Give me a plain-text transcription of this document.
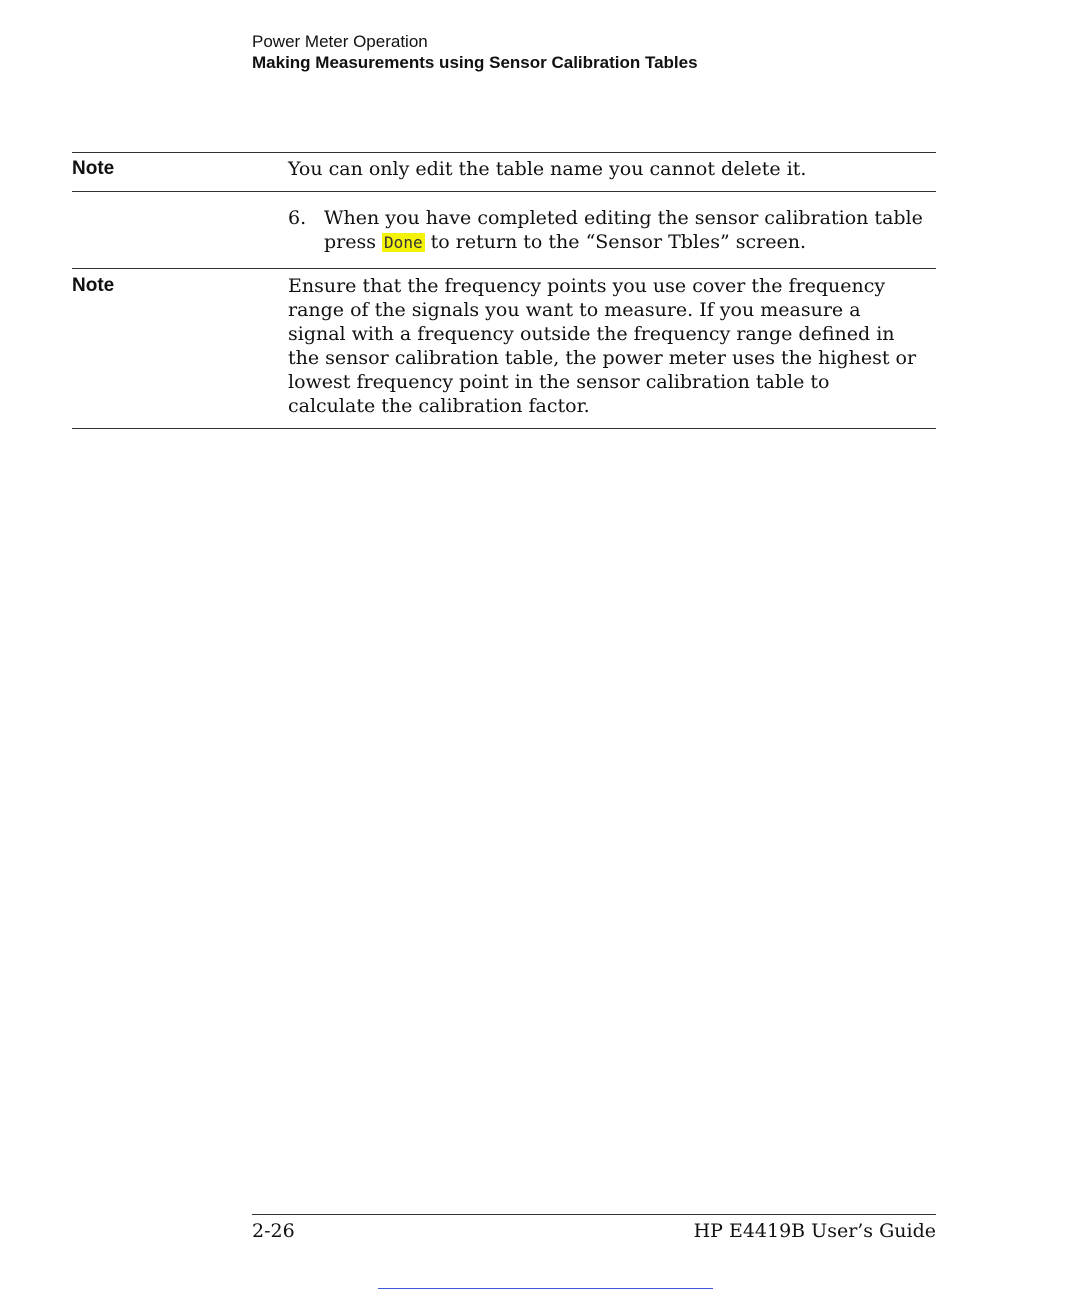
Power Meter Operation
Making Measurements using Sensor Calibration Tables
Note	You can only edit the table name you cannot delete it.
6. When you have completed editing the sensor calibration table press Done to return to the “Sensor Tbles” screen.
Note	Ensure that the frequency points you use cover the frequency range of the signals you want to measure. If you measure a signal with a frequency outside the frequency range defined in the sensor calibration table, the power meter uses the highest or lowest frequency point in the sensor calibration table to calculate the calibration factor.
2-26	HP E4419B User’s Guide
